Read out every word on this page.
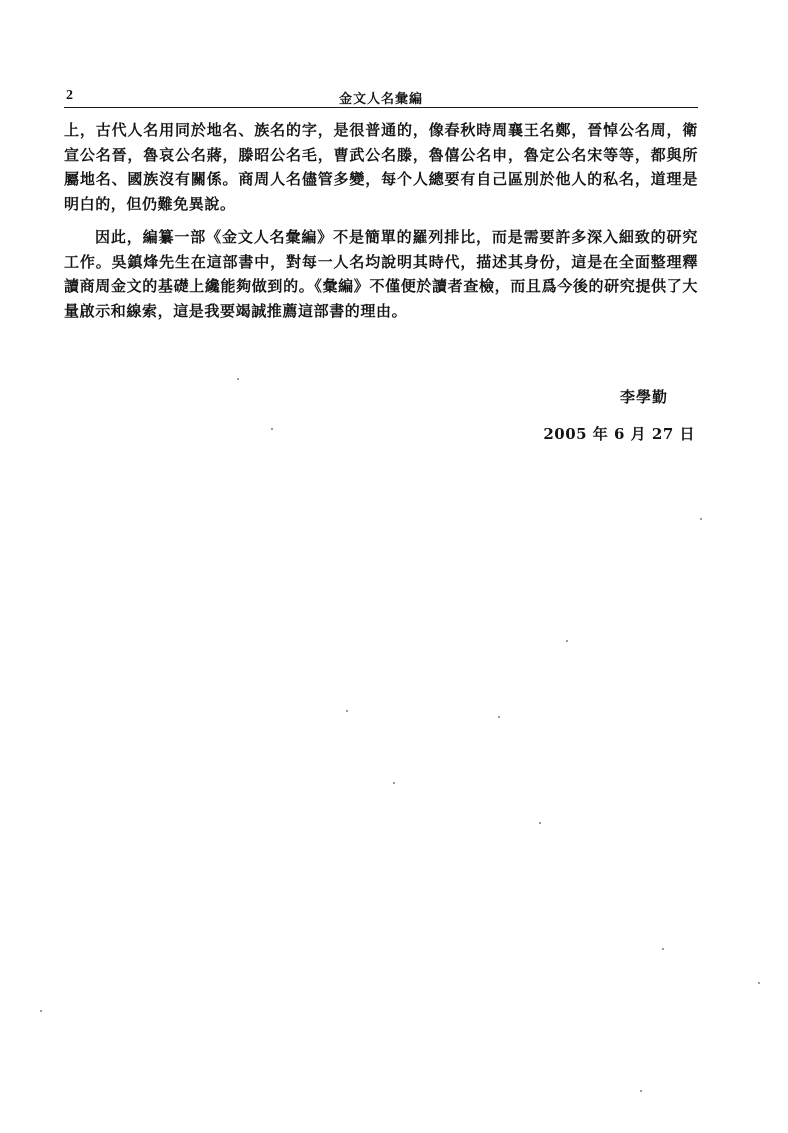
2	金文人名彙編

上，古代人名用同於地名、族名的字，是很普通的，像春秋時周襄王名鄭，晉悼公名周，衛宣公名晉，魯哀公名蔣，滕昭公名毛，曹武公名滕，魯僖公名申，魯定公名宋等等，都與所屬地名、國族沒有關係。商周人名儘管多變，每个人總要有自己區別於他人的私名，道理是明白的，但仍難免異說。

因此，編纂一部《金文人名彙編》不是簡單的羅列排比，而是需要許多深入細致的研究工作。吳鎮烽先生在這部書中，對每一人名均說明其時代，描述其身份，這是在全面整理釋讀商周金文的基礎上纔能夠做到的。《彙編》不僅便於讀者查檢，而且爲今後的研究提供了大量啟示和線索，這是我要竭誠推薦這部書的理由。

李學勤
2005 年 6 月 27 日
